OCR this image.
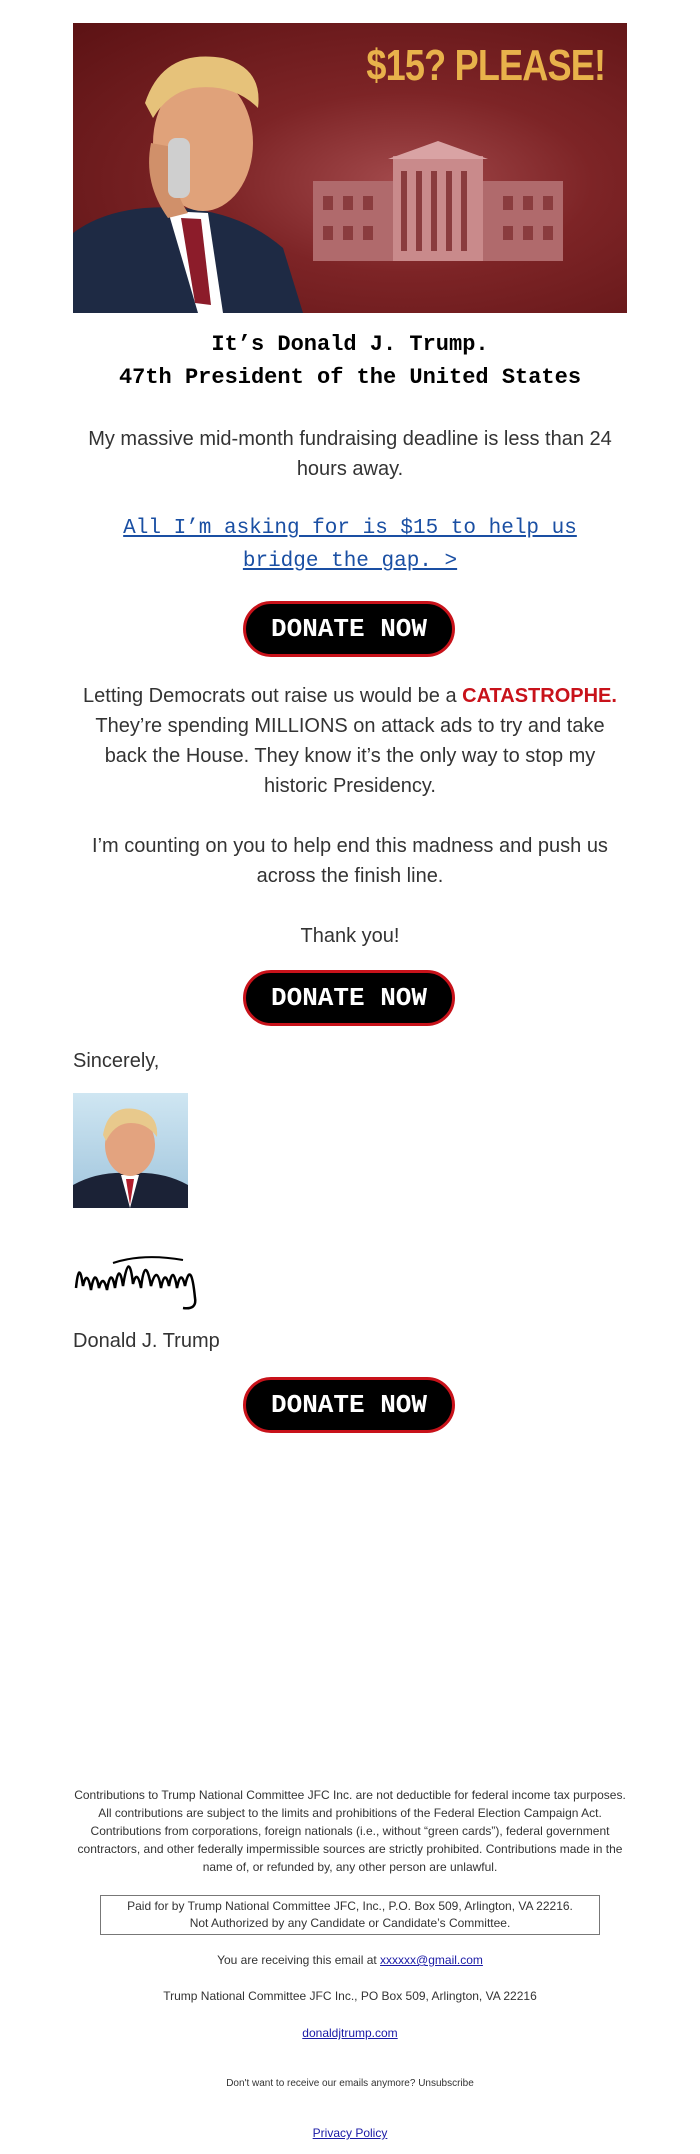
$15? PLEASE!
It’s Donald J. Trump.
47th President of the United States
My massive mid-month fundraising deadline is less than 24 hours away.
All I’m asking for is $15 to help us
bridge the gap. >
DONATE NOW
Letting Democrats out raise us would be a CATASTROPHE. They’re spending MILLIONS on attack ads to try and take back the House. They know it’s the only way to stop my historic Presidency.
I’m counting on you to help end this madness and push us across the finish line.
Thank you!
DONATE NOW
Sincerely,
Donald J. Trump
DONATE NOW
Contributions to Trump National Committee JFC Inc. are not deductible for federal income tax purposes. All contributions are subject to the limits and prohibitions of the Federal Election Campaign Act. Contributions from corporations, foreign nationals (i.e., without “green cards”), federal government contractors, and other federally impermissible sources are strictly prohibited. Contributions made in the name of, or refunded by, any other person are unlawful.
Paid for by Trump National Committee JFC, Inc., P.O. Box 509, Arlington, VA 22216.
Not Authorized by any Candidate or Candidate’s Committee.
You are receiving this email at xxxxxx@gmail.com
Trump National Committee JFC Inc., PO Box 509, Arlington, VA 22216
donaldjtrump.com
Don't want to receive our emails anymore? Unsubscribe
Privacy Policy
